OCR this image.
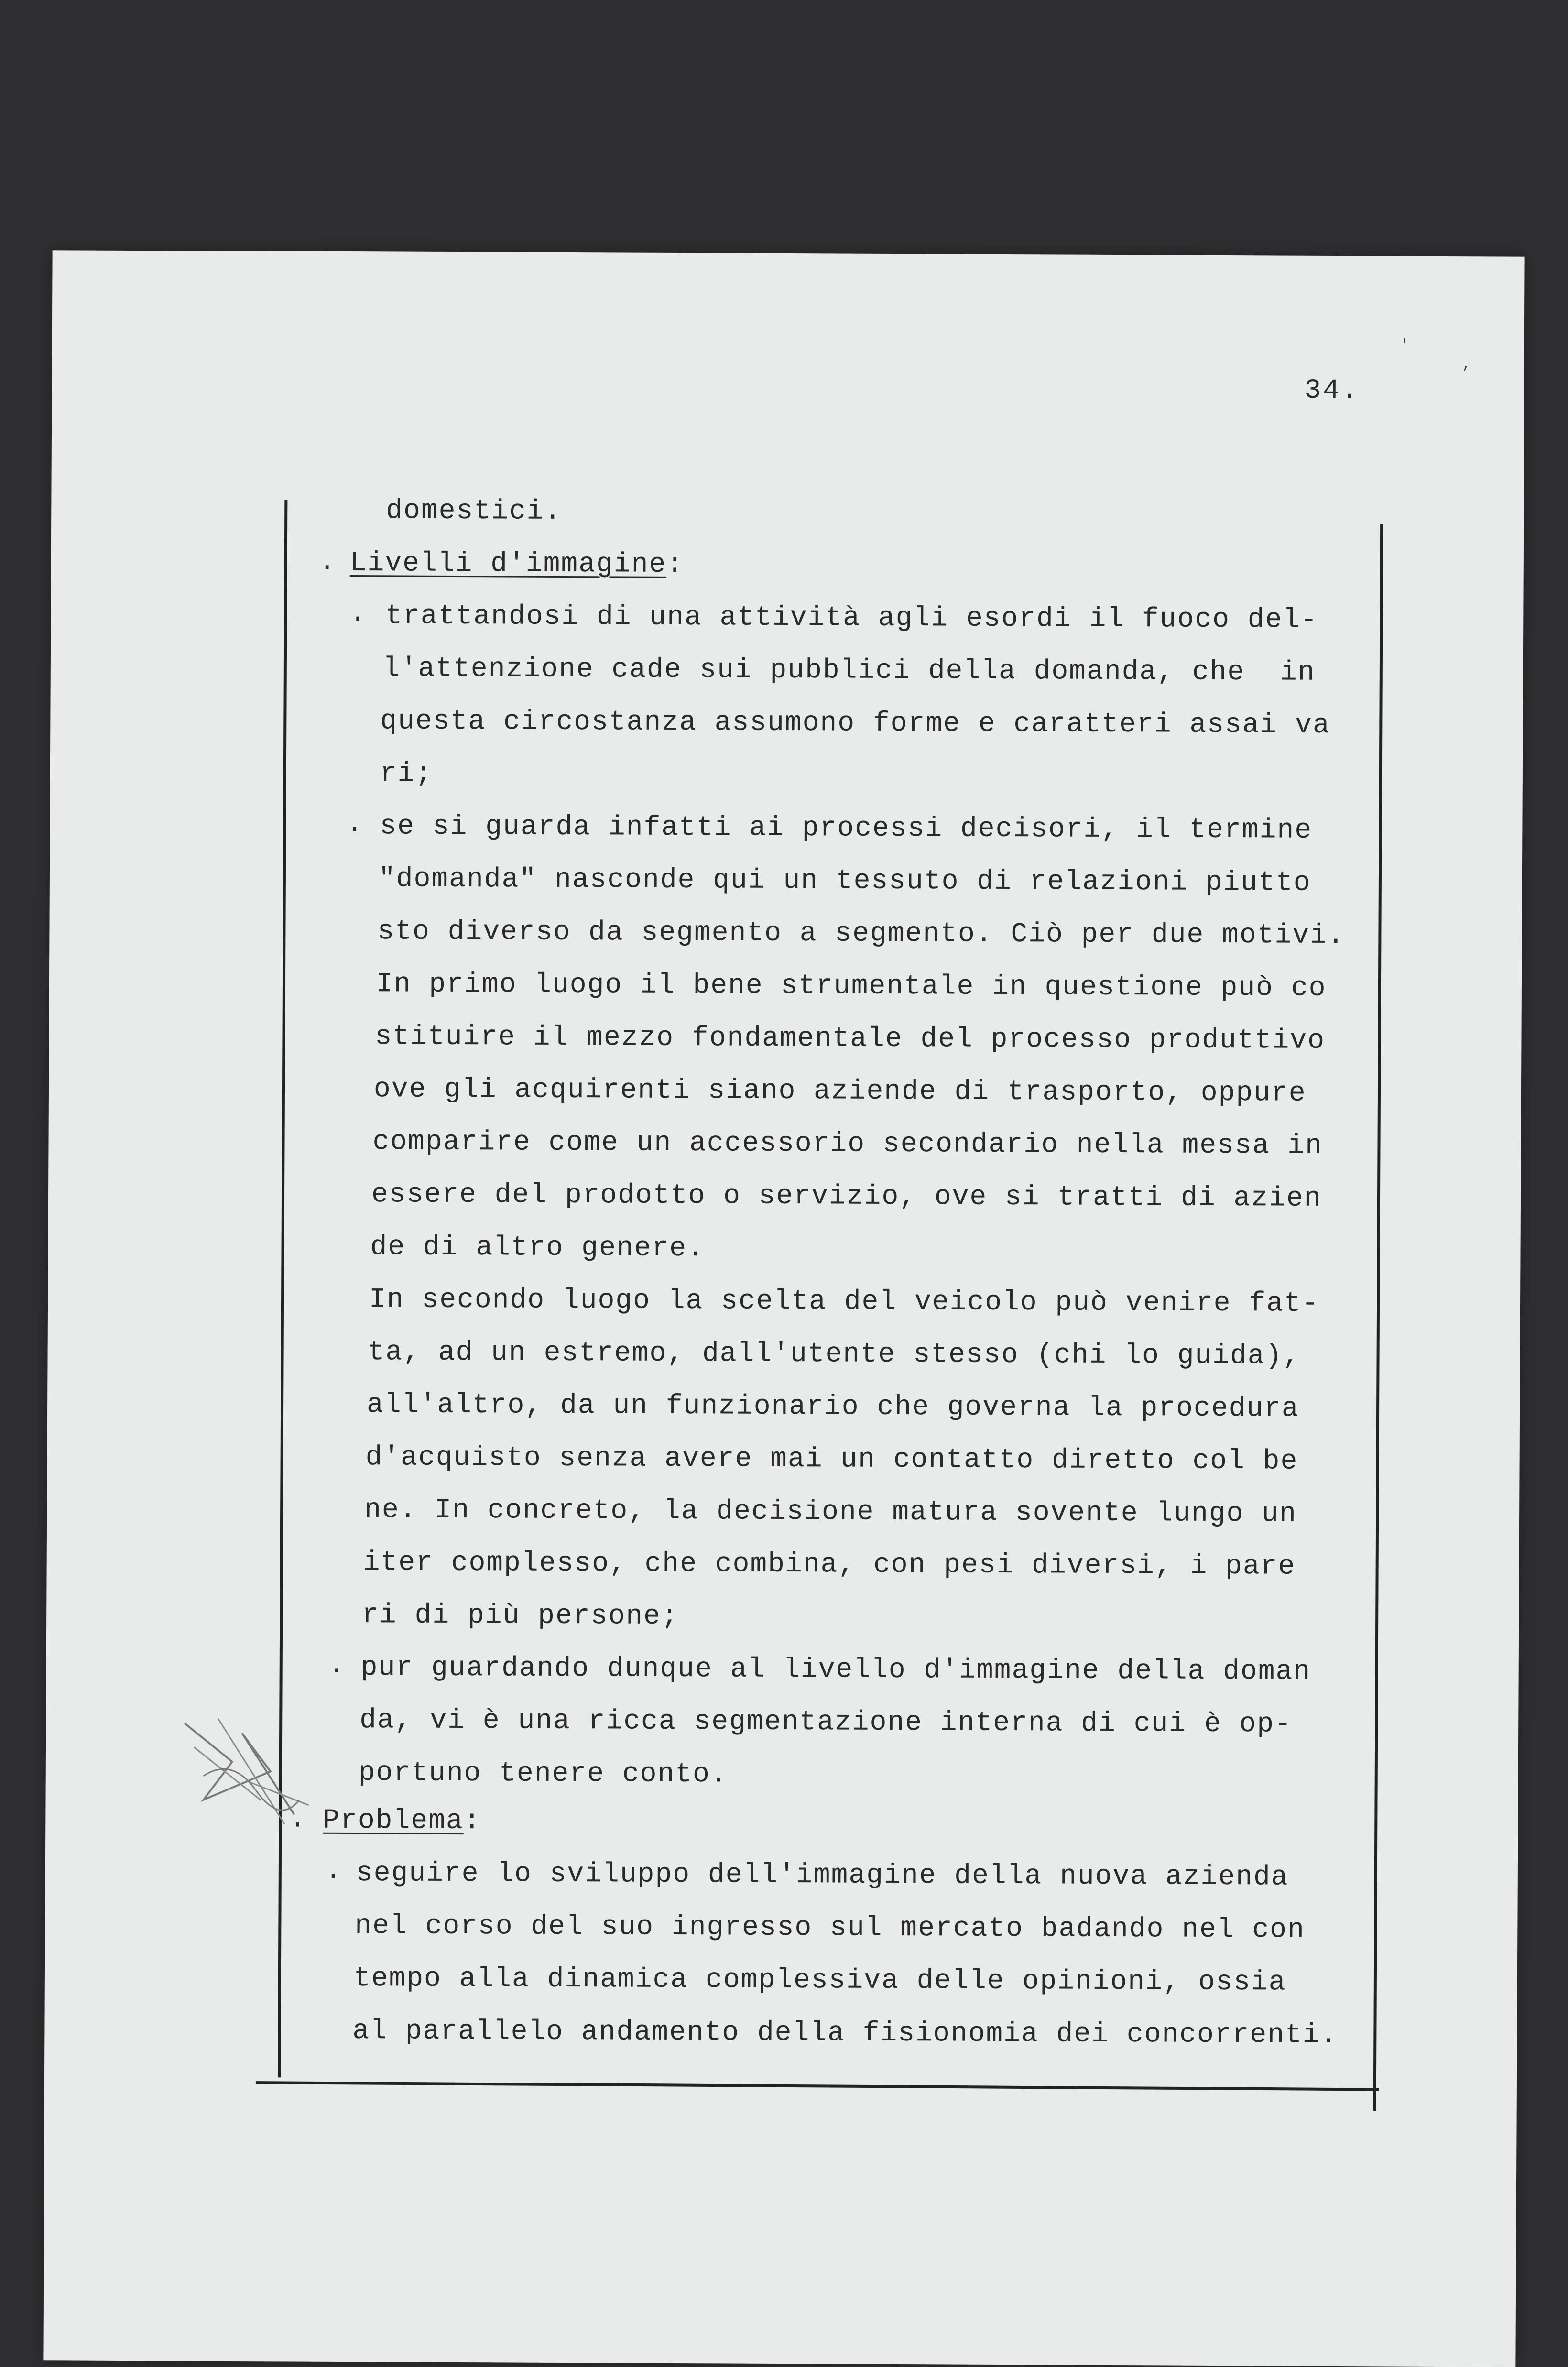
34.
'
,
domestici.
. Livelli d'immagine:
. trattandosi di una attività agli esordi il fuoco del-
l'attenzione cade sui pubblici della domanda, che  in
questa circostanza assumono forme e caratteri assai va
ri;
. se si guarda infatti ai processi decisori, il termine
"domanda" nasconde qui un tessuto di relazioni piutto
sto diverso da segmento a segmento. Ciò per due motivi.
In primo luogo il bene strumentale in questione può co
stituire il mezzo fondamentale del processo produttivo
ove gli acquirenti siano aziende di trasporto, oppure
comparire come un accessorio secondario nella messa in
essere del prodotto o servizio, ove si tratti di azien
de di altro genere.
In secondo luogo la scelta del veicolo può venire fat-
ta, ad un estremo, dall'utente stesso (chi lo guida),
all'altro, da un funzionario che governa la procedura
d'acquisto senza avere mai un contatto diretto col be
ne. In concreto, la decisione matura sovente lungo un
iter complesso, che combina, con pesi diversi, i pare
ri di più persone;
. pur guardando dunque al livello d'immagine della doman
da, vi è una ricca segmentazione interna di cui è op-
portuno tenere conto.
. Problema:
. seguire lo sviluppo dell'immagine della nuova azienda
nel corso del suo ingresso sul mercato badando nel con
tempo alla dinamica complessiva delle opinioni, ossia
al parallelo andamento della fisionomia dei concorrenti.
